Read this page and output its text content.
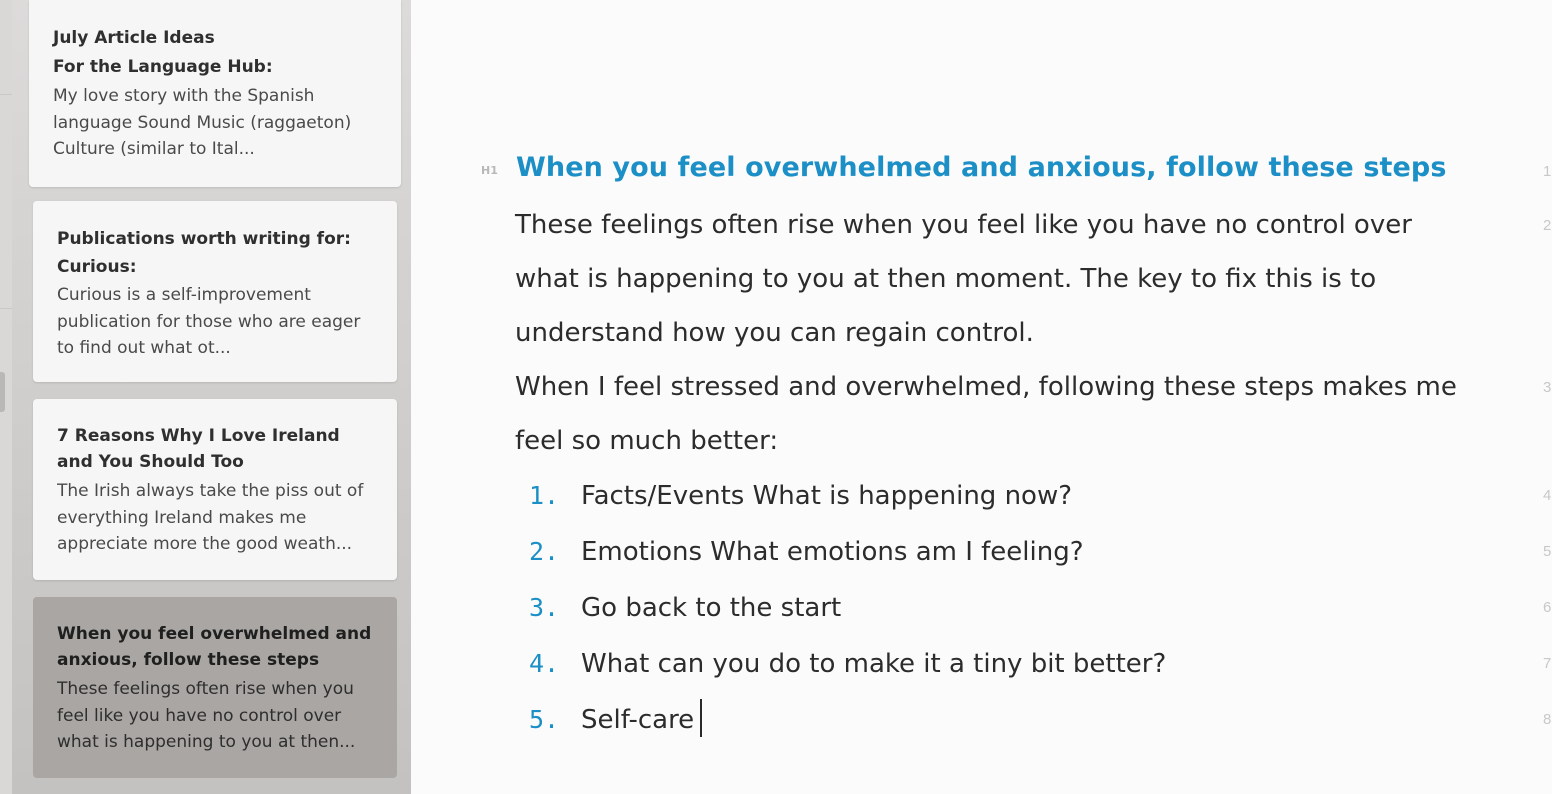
July Article Ideas
For the Language Hub:
My love story with the Spanish language Sound Music (raggaeton) Culture (similar to Ital...
Publications worth writing for:
Curious:
Curious is a self-improvement publication for those who are eager to find out what ot...
7 Reasons Why I Love Ireland
and You Should Too
The Irish always take the piss out of everything Ireland makes me appreciate more the good weath...
When you feel overwhelmed and
anxious, follow these steps
These feelings often rise when you feel like you have no control over what is happening to you at then...
H1 When you feel overwhelmed and anxious, follow these steps
These feelings often rise when you feel like you have no control over what is happening to you at then moment. The key to fix this is to understand how you can regain control.
When I feel stressed and overwhelmed, following these steps makes me feel so much better:
1. Facts/Events What is happening now?
2. Emotions What emotions am I feeling?
3. Go back to the start
4. What can you do to make it a tiny bit better?
5. Self-care
1
2
3
4
5
6
7
8
